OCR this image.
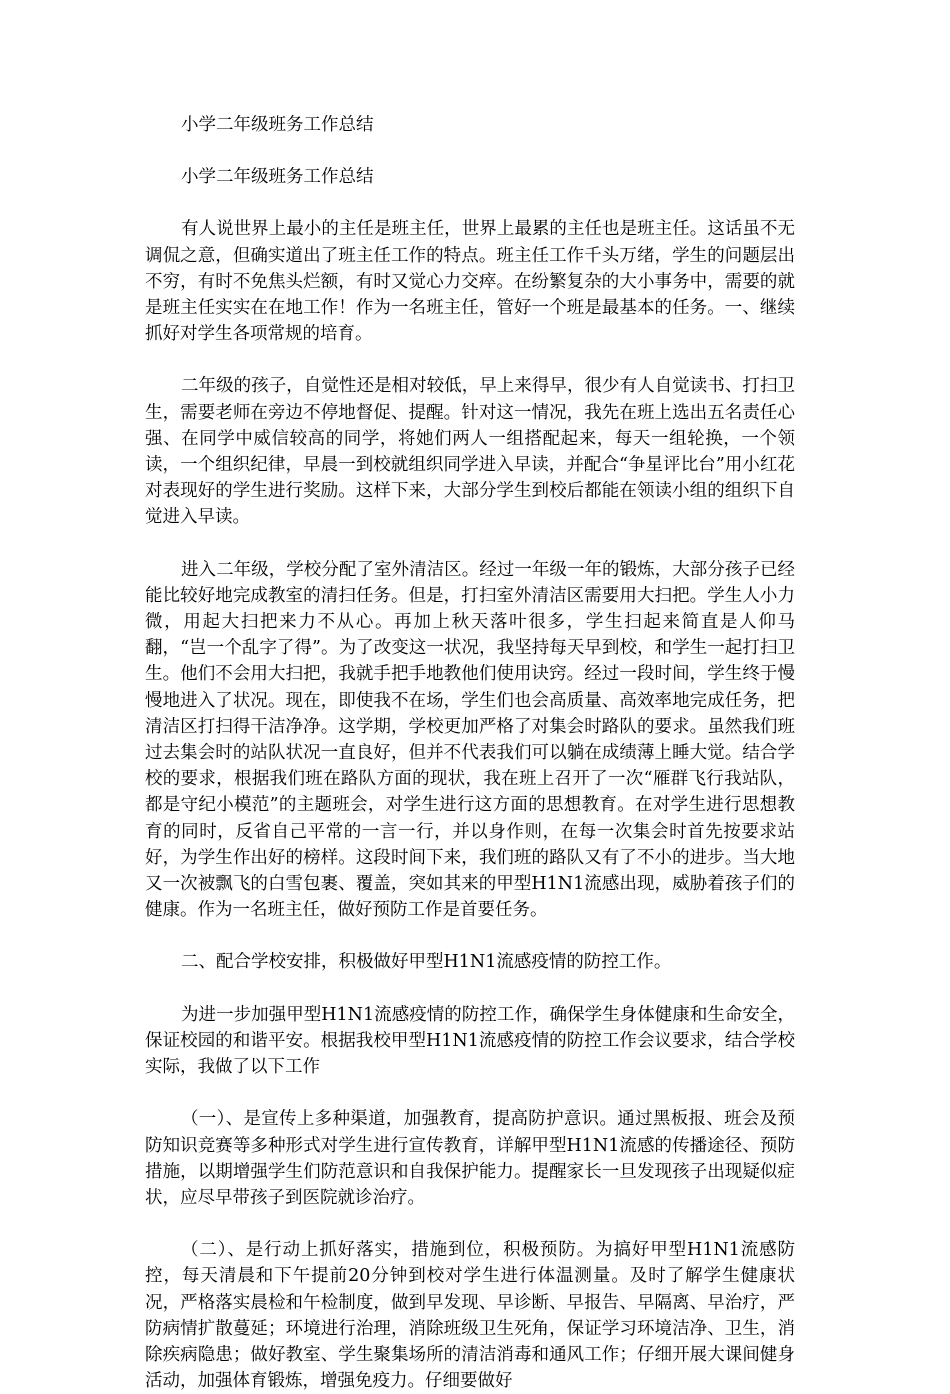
小学二年级班务工作总结

小学二年级班务工作总结

有人说世界上最小的主任是班主任，世界上最累的主任也是班主任。这话虽不无调侃之意，但确实道出了班主任工作的特点。班主任工作千头万绪，学生的问题层出不穷，有时不免焦头烂额，有时又觉心力交瘁。在纷繁复杂的大小事务中，需要的就是班主任实实在在地工作！作为一名班主任，管好一个班是最基本的任务。一、继续抓好对学生各项常规的培育。

二年级的孩子，自觉性还是相对较低，早上来得早，很少有人自觉读书、打扫卫生，需要老师在旁边不停地督促、提醒。针对这一情况，我先在班上选出五名责任心强、在同学中威信较高的同学，将她们两人一组搭配起来，每天一组轮换，一个领读，一个组织纪律，早晨一到校就组织同学进入早读，并配合“争星评比台”用小红花对表现好的学生进行奖励。这样下来，大部分学生到校后都能在领读小组的组织下自觉进入早读。

进入二年级，学校分配了室外清洁区。经过一年级一年的锻炼，大部分孩子已经能比较好地完成教室的清扫任务。但是，打扫室外清洁区需要用大扫把。学生人小力微，用起大扫把来力不从心。再加上秋天落叶很多，学生扫起来简直是人仰马翻，“岂一个乱字了得”。为了改变这一状况，我坚持每天早到校，和学生一起打扫卫生。他们不会用大扫把，我就手把手地教他们使用诀窍。经过一段时间，学生终于慢慢地进入了状况。现在，即使我不在场，学生们也会高质量、高效率地完成任务，把清洁区打扫得干洁净净。这学期，学校更加严格了对集会时路队的要求。虽然我们班过去集会时的站队状况一直良好，但并不代表我们可以躺在成绩薄上睡大觉。结合学校的要求，根据我们班在路队方面的现状，我在班上召开了一次“雁群飞行我站队，都是守纪小模范”的主题班会，对学生进行这方面的思想教育。在对学生进行思想教育的同时，反省自己平常的一言一行，并以身作则，在每一次集会时首先按要求站好，为学生作出好的榜样。这段时间下来，我们班的路队又有了不小的进步。当大地又一次被飘飞的白雪包裹、覆盖，突如其来的甲型H1N1流感出现，威胁着孩子们的健康。作为一名班主任，做好预防工作是首要任务。

二、配合学校安排，积极做好甲型H1N1流感疫情的防控工作。

为进一步加强甲型H1N1流感疫情的防控工作，确保学生身体健康和生命安全，保证校园的和谐平安。根据我校甲型H1N1流感疫情的防控工作会议要求，结合学校实际，我做了以下工作

（一）、是宣传上多种渠道，加强教育，提高防护意识。通过黑板报、班会及预防知识竞赛等多种形式对学生进行宣传教育，详解甲型H1N1流感的传播途径、预防措施，以期增强学生们防范意识和自我保护能力。提醒家长一旦发现孩子出现疑似症状，应尽早带孩子到医院就诊治疗。

（二）、是行动上抓好落实，措施到位，积极预防。为搞好甲型H1N1流感防控，每天清晨和下午提前20分钟到校对学生进行体温测量。及时了解学生健康状况，严格落实晨检和午检制度，做到早发现、早诊断、早报告、早隔离、早治疗，严防病情扩散蔓延；环境进行治理，消除班级卫生死角，保证学习环境洁净、卫生，消除疾病隐患；做好教室、学生聚集场所的清洁消毒和通风工作；仔细开展大课间健身活动，加强体育锻炼，增强免疫力。仔细要做好
